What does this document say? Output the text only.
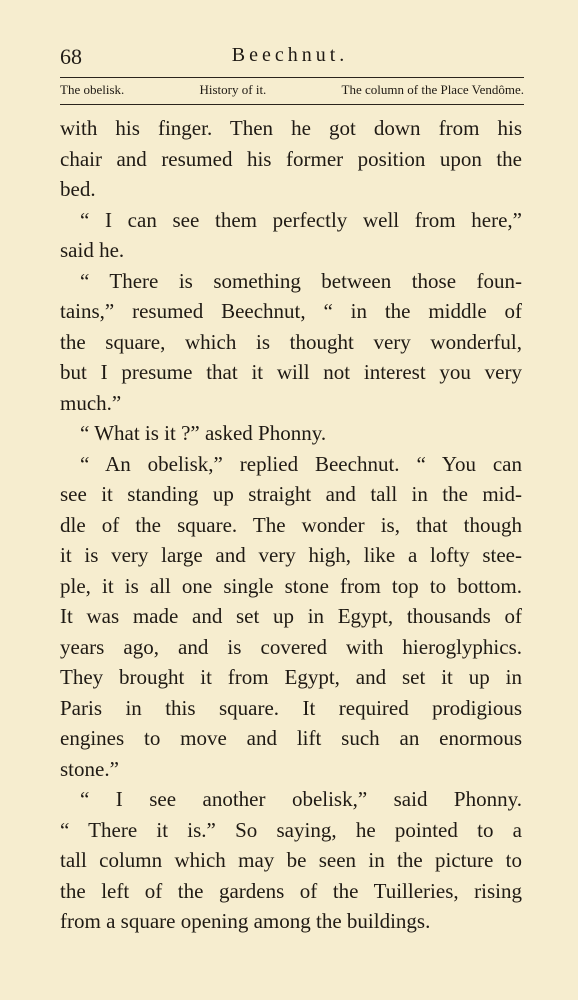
68	Beechnut.
The obelisk.	History of it.	The column of the Place Vendôme.
with his finger. Then he got down from his
chair and resumed his former position upon the
bed.
“ I can see them perfectly well from here,”
said he.
“ There is something between those foun-
tains,” resumed Beechnut, “ in the middle of
the square, which is thought very wonderful,
but I presume that it will not interest you very
much.”
“ What is it ?” asked Phonny.
“ An obelisk,” replied Beechnut. “ You can
see it standing up straight and tall in the mid-
dle of the square. The wonder is, that though
it is very large and very high, like a lofty stee-
ple, it is all one single stone from top to bottom.
It was made and set up in Egypt, thousands of
years ago, and is covered with hieroglyphics.
They brought it from Egypt, and set it up in
Paris in this square. It required prodigious
engines to move and lift such an enormous
stone.”
“ I see another obelisk,” said Phonny.
“ There it is.” So saying, he pointed to a
tall column which may be seen in the picture to
the left of the gardens of the Tuilleries, rising
from a square opening among the buildings.
